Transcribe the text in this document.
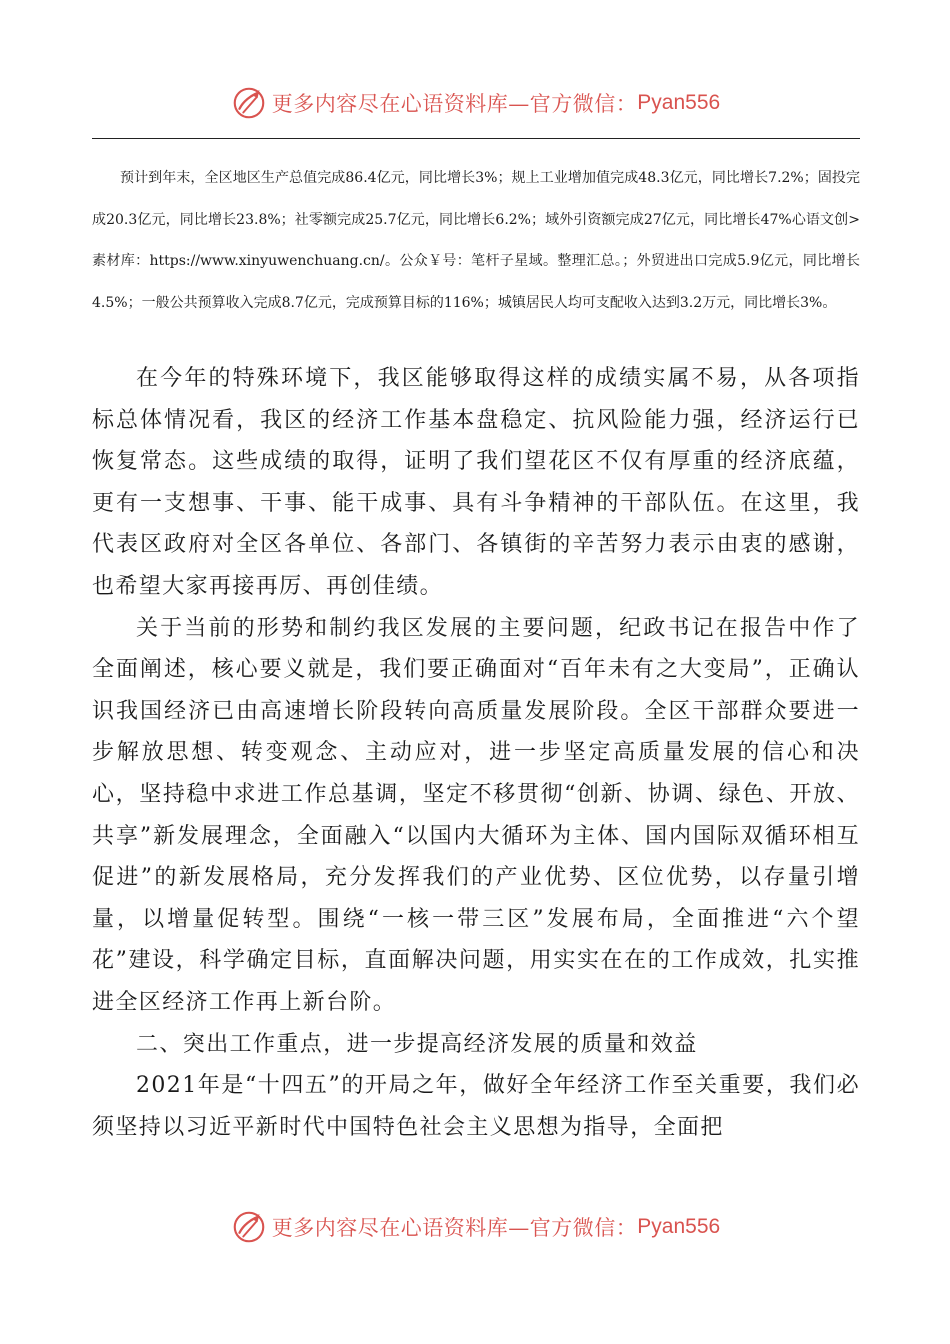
更多内容尽在心语资料库—官方微信： Pyan556

预计到年末，全区地区生产总值完成86.4亿元，同比增长3%；规上工业增加值完成48.3亿元，同比增长7.2%；固投完成20.3亿元，同比增长23.8%；社零额完成25.7亿元，同比增长6.2%；域外引资额完成27亿元，同比增长47%心语文创>素材库：https://www.xinyuwenchuang.cn/。公众￥号：笔杆子星域。整理汇总。；外贸进出口完成5.9亿元，同比增长4.5%；一般公共预算收入完成8.7亿元，完成预算目标的116%；城镇居民人均可支配收入达到3.2万元，同比增长3%。

在今年的特殊环境下，我区能够取得这样的成绩实属不易，从各项指标总体情况看，我区的经济工作基本盘稳定、抗风险能力强，经济运行已恢复常态。这些成绩的取得，证明了我们望花区不仅有厚重的经济底蕴，更有一支想事、干事、能干成事、具有斗争精神的干部队伍。在这里，我代表区政府对全区各单位、各部门、各镇街的辛苦努力表示由衷的感谢，也希望大家再接再厉、再创佳绩。

关于当前的形势和制约我区发展的主要问题，纪政书记在报告中作了全面阐述，核心要义就是，我们要正确面对“百年未有之大变局”，正确认识我国经济已由高速增长阶段转向高质量发展阶段。全区干部群众要进一步解放思想、转变观念、主动应对，进一步坚定高质量发展的信心和决心，坚持稳中求进工作总基调，坚定不移贯彻“创新、协调、绿色、开放、共享”新发展理念，全面融入“以国内大循环为主体、国内国际双循环相互促进”的新发展格局，充分发挥我们的产业优势、区位优势，以存量引增量，以增量促转型。围绕“一核一带三区”发展布局，全面推进“六个望花”建设，科学确定目标，直面解决问题，用实实在在的工作成效，扎实推进全区经济工作再上新台阶。

二、突出工作重点，进一步提高经济发展的质量和效益

2021年是“十四五”的开局之年，做好全年经济工作至关重要，我们必须坚持以习近平新时代中国特色社会主义思想为指导，全面把

更多内容尽在心语资料库—官方微信： Pyan556
